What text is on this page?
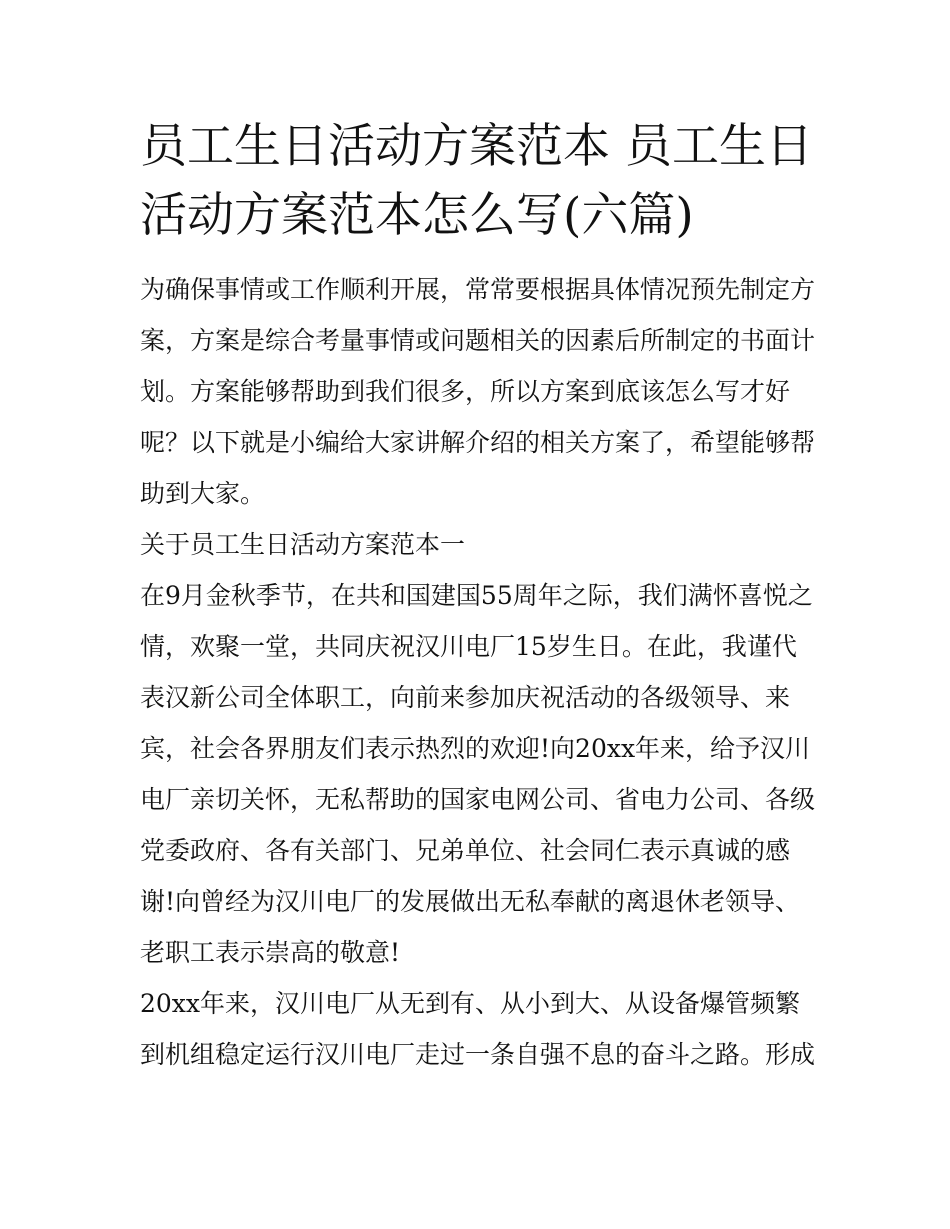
员工生日活动方案范本 员工生日活动方案范本怎么写(六篇)

为确保事情或工作顺利开展，常常要根据具体情况预先制定方案，方案是综合考量事情或问题相关的因素后所制定的书面计划。方案能够帮助到我们很多，所以方案到底该怎么写才好呢？以下就是小编给大家讲解介绍的相关方案了，希望能够帮助到大家。

关于员工生日活动方案范本一

在9月金秋季节，在共和国建国55周年之际，我们满怀喜悦之情，欢聚一堂，共同庆祝汉川电厂15岁生日。在此，我谨代表汉新公司全体职工，向前来参加庆祝活动的各级领导、来宾，社会各界朋友们表示热烈的欢迎!向20xx年来，给予汉川电厂亲切关怀，无私帮助的国家电网公司、省电力公司、各级党委政府、各有关部门、兄弟单位、社会同仁表示真诚的感谢!向曾经为汉川电厂的发展做出无私奉献的离退休老领导、老职工表示崇高的敬意!

20xx年来，汉川电厂从无到有、从小到大、从设备爆管频繁到机组稳定运行汉川电厂走过一条自强不息的奋斗之路。形成
